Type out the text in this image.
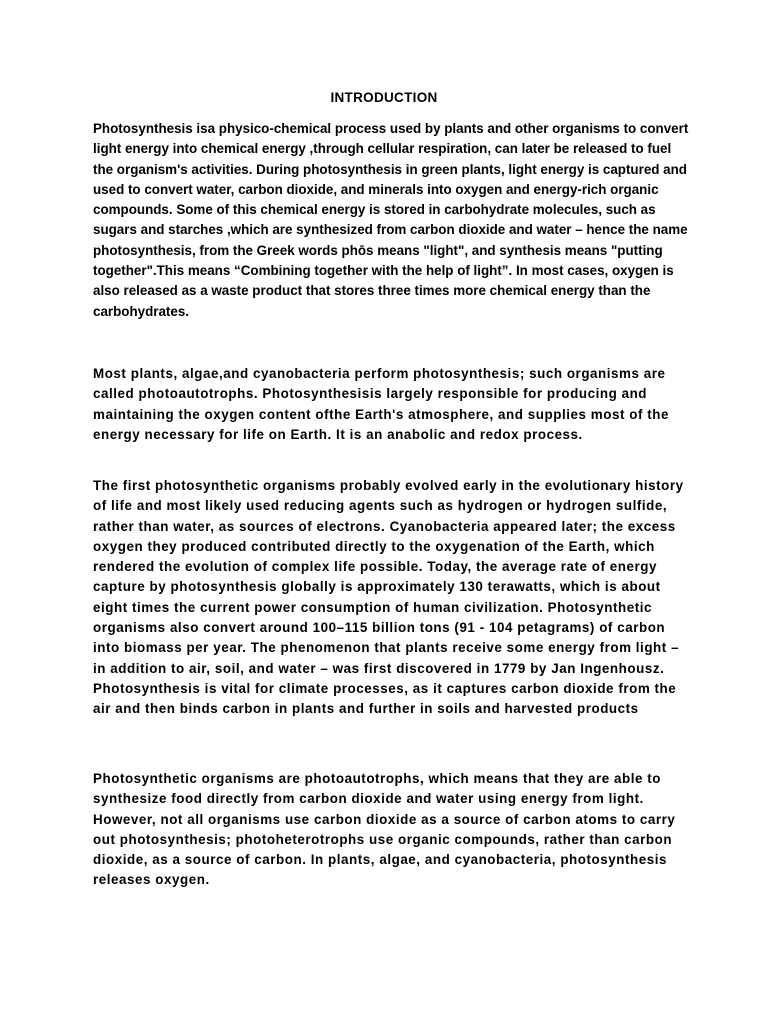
INTRODUCTION

Photosynthesis isa physico-chemical process used by plants and other organisms to convert light energy into chemical energy ,through cellular respiration, can later be released to fuel the organism's activities. During photosynthesis in green plants, light energy is captured and used to convert water, carbon dioxide, and minerals into oxygen and energy-rich organic compounds. Some of this chemical energy is stored in carbohydrate molecules, such as sugars and starches ,which are synthesized from carbon dioxide and water – hence the name photosynthesis, from the Greek words phōs means "light", and synthesis means "putting together".This means “Combining together with the help of light”. In most cases, oxygen is also released as a waste product that stores three times more chemical energy than the carbohydrates.

Most plants, algae,and cyanobacteria perform photosynthesis; such organisms are called photoautotrophs. Photosynthesisis largely responsible for producing and maintaining the oxygen content ofthe Earth's atmosphere, and supplies most of the energy necessary for life on Earth. It is an anabolic and redox process.

The first photosynthetic organisms probably evolved early in the evolutionary history of life and most likely used reducing agents such as hydrogen or hydrogen sulfide, rather than water, as sources of electrons. Cyanobacteria appeared later; the excess oxygen they produced contributed directly to the oxygenation of the Earth, which rendered the evolution of complex life possible. Today, the average rate of energy capture by photosynthesis globally is approximately 130 terawatts, which is about eight times the current power consumption of human civilization. Photosynthetic organisms also convert around 100–115 billion tons (91 - 104 petagrams) of carbon into biomass per year. The phenomenon that plants receive some energy from light – in addition to air, soil, and water – was first discovered in 1779 by Jan Ingenhousz. Photosynthesis is vital for climate processes, as it captures carbon dioxide from the air and then binds carbon in plants and further in soils and harvested products

Photosynthetic organisms are photoautotrophs, which means that they are able to synthesize food directly from carbon dioxide and water using energy from light. However, not all organisms use carbon dioxide as a source of carbon atoms to carry out photosynthesis; photoheterotrophs use organic compounds, rather than carbon dioxide, as a source of carbon. In plants, algae, and cyanobacteria, photosynthesis releases oxygen.
